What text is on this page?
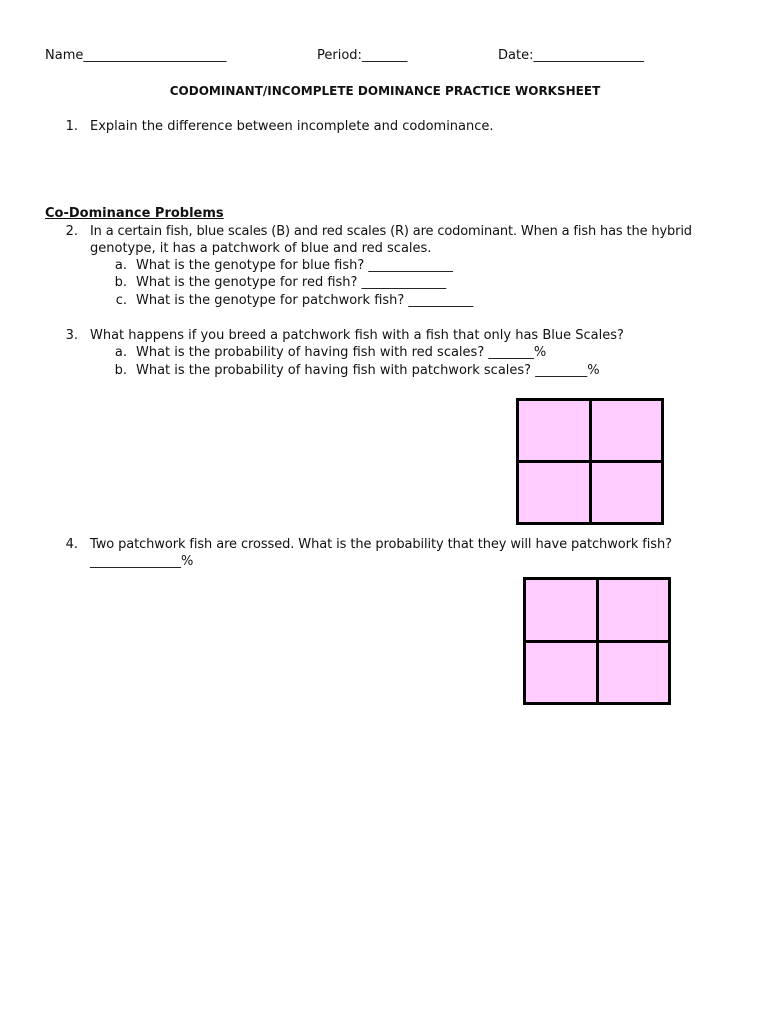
Name______________________	Period:_______	Date:_________________
CODOMINANT/INCOMPLETE DOMINANCE PRACTICE WORKSHEET
1. Explain the difference between incomplete and codominance.
Co-Dominance Problems
2. In a certain fish, blue scales (B) and red scales (R) are codominant. When a fish has the hybrid
genotype, it has a patchwork of blue and red scales.
a. What is the genotype for blue fish? _____________
b. What is the genotype for red fish? _____________
c. What is the genotype for patchwork fish? __________
3. What happens if you breed a patchwork fish with a fish that only has Blue Scales?
a. What is the probability of having fish with red scales? _______%
b. What is the probability of having fish with patchwork scales? ________%
4. Two patchwork fish are crossed. What is the probability that they will have patchwork fish?
______________%
